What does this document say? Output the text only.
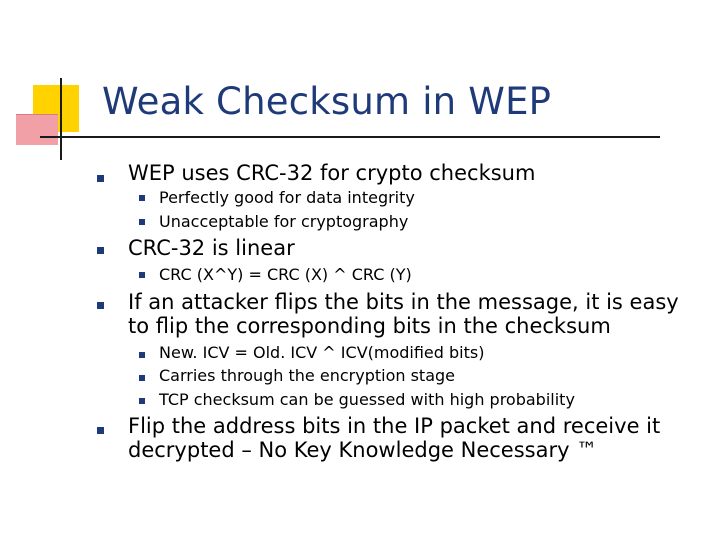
Weak Checksum in WEP
WEP uses CRC-32 for crypto checksum
Perfectly good for data integrity
Unacceptable for cryptography
CRC-32 is linear
CRC (X^Y) = CRC (X) ^ CRC (Y)
If an attacker flips the bits in the message, it is easy
to flip the corresponding bits in the checksum
New. ICV = Old. ICV ^ ICV(modified bits)
Carries through the encryption stage
TCP checksum can be guessed with high probability
Flip the address bits in the IP packet and receive it
decrypted – No Key Knowledge Necessary ™
